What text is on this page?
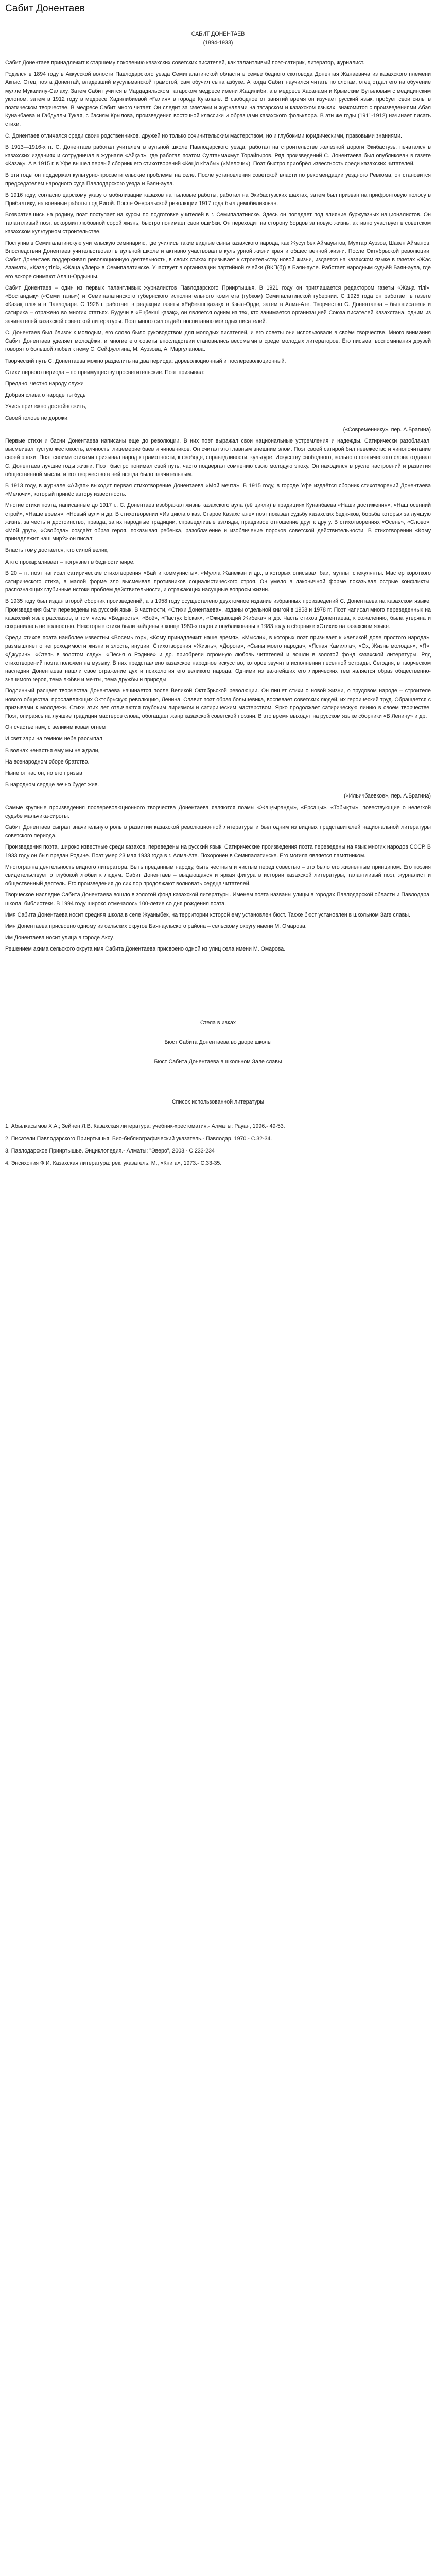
Сабит Донентаев
САБИТ ДОНЕНТАЕВ
(1894-1933)

Сабит Донентаев принадлежит к старшему поколению казахских советских писателей, как талантливый поэт-сатирик, литератор, журналист.

Родился в 1894 году в Аккусской волости Павлодарского уезда Семипалатинской области в семье бедного скотовода Донентая Жанаевича из казахского племени Акгыс. Отец поэта Донентай, владевший мусульманской грамотой, сам обучил сына азбуке. А когда Сабит научился читать по слогам, отец отдал его на обучение мулле Мукаиилу-Салаху. Затем Сабит учится в Мардадильском татарском медресе имени Жадилиби, а в медресе Хасанами и Крымским Бутыловым с медицинским уклоном, затем в 1912 году в медресе Хадилибиевой «Ғалия» в городе Кугалане. В свободное от занятий время он изучает русский язык, пробует свои силы в поэтическом творчестве. В медресе Сабит много читает. Он следит за газетами и журналами на татарском и казахском языках, знакомится с произведениями Абая Кунанбаева и Габдуллы Тукая, с басням Крылова, произведения восточной классики и образцами казахского фольклора. В эти же годы (1911-1912) начинает писать стихи.

С. Донентаев отличался среди своих родственников, дружей но только сочинительским мастерством, но и глубокими юридическими, правовыми знаниями.

В 1913—1916-х гг. С. Донентаев работал учителем в аульной школе Павлодарского уезда, работал на строительстве железной дороги Экибастузь, печатался в казахских изданиях и сотрудничал в журнале «Айқап», где работал поэтом Султанмахмут Торайгыров. Ряд произведений С. Донентаева был опубликован в газете «Қазақ». А в 1915 г. в Уфе вышел первый сборник его стихотворений «Көңіл кітабы» («Мелочи»). Поэт быстро приобрёл известность среди казахских читателей.

В эти годы он поддержал культурно-просветительские проблемы на селе. После установления советской власти по рекомендации уездного Ревкома, он становится председателем народного суда Павлодарского уезда и Баян-аула.

В 1916 году, согласно царскому указу о мобилизации казахов на тыловые работы, работал на Экибастузских шахтах, затем был призван на прифронтовую полосу в Прибалтику, на военные работы под Ригой. После Февральской революции 1917 года был демобилизован.

Возвратившись на родину, поэт поступает на курсы по подготовке учителей в г. Семипалатинске. Здесь он попадает под влияние буржуазных националистов. Он талантливый поэт, вскормил любовной сорой жизнь, быстро понимает свои ошибки. Он переходит на сторону борцов за новую жизнь, активно участвует в советском казахском культурном строительстве.

Поступив в Семипалатинскую учительскую семинарию, где учились такие видные сыны казахского народа, как Жусупбек Аймауытов, Мухтар Ауэзов, Шакен Айманов. Впоследствии Донентаев учительствовал в аульной школе и активно участвовал в культурной жизни края и общественной жизни. После Октябрьской революции, Сабит Донентаев поддерживал революционную деятельность, в своих стихах призывает к строительству новой жизни, издается на казахском языке в газетах «Жас Азамат», «Қазақ тілі», «Жаңа үйлер» в Семипалатинске. Участвует в организации партийной ячейки (ВКП(б)) в Баян-ауле. Работает народным судьёй Баян-аула, где его вскоре снимают Алаш-Ордынцы.

Сабит Донентаев – один из первых талантливых журналистов Павлодарского Прииртышья. В 1921 году он приглашается редактором газеты «Жаңа тілі», «Бостандық» («Семи таны») и Семипалатинского губернского исполнительного комитета (губком) Семипалатинской губернии. С 1925 года он работает в газете «Қазақ тілі» и в Павлодаре. С 1928 г. работает в редакции газеты «Еңбекші қазақ» в Кзыл-Орде, затем в Алма-Ате. Творчество С. Донентаева – бытописателя и сатирика – отражено во многих статьях. Будучи в «Еңбекші қазақ», он является одним из тех, кто занимается организацией Союза писателей Казахстана, одним из зачинателей казахской советской литературы. Поэт много сил отдаёт воспитанию молодых писателей.

С. Донентаев был близок к молодым, его слово было руководством для молодых писателей, и его советы они использовали в своём творчестве. Много внимания Сабит Донентаев уделяет молодёжи, и многие его советы впоследствии становились весомыми в среде молодых литераторов. Его письма, воспоминания друзей говорят о большой любви к нему С. Сейфуллина, М. Ауэзова, А. Маргуланова.

Творческий путь С. Донентаева можно разделить на два периода: дореволюционный и послереволюционный.

Стихи первого периода – по преимуществу просветительские. Поэт призывал:

Предано, честно народу служи

Добрая слава о народе ты будь

Учись прилежно достойно жить,

Своей голове не дорожи!

(«Современнику», пер. А.Брагина)

Первые стихи и басни Донентаева написаны ещё до революции. В них поэт выражал свои национальные устремления и надежды. Сатирически разоблачал, высмеивал пустую жестокость, алчность, лицемерие баев и чиновников. Он считал это главным внешним злом. Поэт своей сатирой бил невежество и чинопочитание своей эпохи. Поэт своими стихами призывал народ к грамотности, к свободе, справедливости, культуре. Искусству свободного, вольного поэтического слова отдавал С. Донентаев лучшие годы жизни. Поэт быстро понимал свой путь, часто подвергал сомнению свою молодую эпоху. Он находился в русле настроений и развития общественной мысли, и его творчество в ней всегда было значительным.

В 1913 году, в журнале «Айқап» выходит первая стихотворение Донентаева «Мой мечта». В 1915 году, в городе Уфе издаётся сборник стихотворений Донентаева «Мелочи», который принёс автору известность.

Многие стихи поэта, написанные до 1917 г., С. Донентаев изображал жизнь казахского аула (её цикли) в традициях Кунанбаева «Наши достижения», «Наш осенний строй», «Наше время», «Новый аул» и др. В стихотворении «Из цикла о каз. Старое Казахстане» поэт показал судьбу казахских бедняков, борьба которых за лучшую жизнь, за честь и достоинство, правда, за их народные традиции, справедливые взгляды, правдивое отношение друг к другу. В стихотворениях «Осень», «Слово», «Мой друг», «Свобода» создаёт образ героя, показывая ребенка, разоблачение и изобличение пороков советской действительности. В стихотворении «Кому принадлежит наш мир?» он писал:

Власть тому достается, кто силой велик,

А кто прокармливает – погрязнет в бедности мире.

В 20 – гг. поэт написал сатирические стихотворения «Бай и коммунисты», «Мулла Жанежан и др., в которых описывал баи, муллы, спекулянты. Мастер короткого сатирического стиха, в малой форме зло высмеивал противников социалистического строя. Он умело в лаконичной форме показывал острые конфликты, распознающих глубинные истоки проблем действительности, и отражающих насущные вопросы жизни.

В 1935 году был издан второй сборник произведений, а в 1958 году осуществлено двухтомное издание избранных произведений С. Донентаева на казахском языке. Произведения были переведены на русский язык. В частности, «Стихи Донентаева», изданы отдельной книгой в 1958 и 1978 гг. Поэт написал много переведенных на казахский язык рассказов, в том числе «Бедность», «Всё», «Пастух Ыскак», «Ожидающий Жибека» и др. Часть стихов Донентаева, к сожалению, была утеряна и сохранилась не полностью. Некоторые стихи были найдены в конце 1980-х годов и опубликованы в 1983 году в сборнике «Стихи» на казахском языке.

Среди стихов поэта наиболее известны «Восемь гор», «Кому принадлежит наше время», «Мысли», в которых поэт призывает к «великой доле простого народа», размышляет о непроходимости жизни и злость, инуции. Стихотворения «Жизнь», «Дорога», «Сыны моего народа», «Ясная Камилла», «Ох, Жизнь молодая», «Я», «Джурин», «Степь в золотом саду», «Песня о Родине» и др. приобрели огромную любовь читателей и вошли в золотой фонд казахской литературы. Ряд стихотворений поэта положен на музыку. В них представлено казахское народное искусство, которое звучит в исполнении песенной эстрады. Сегодня, в творческом наследии Донентаева нашли своё отражение дух и психология его великого народа. Одними из важнейших его лирических тем является образ общественно-значимого героя, тема любви и мечты, тема дружбы и природы.

Подлинный расцвет творчества Донентаева начинается после Великой Октябрьской революции. Он пишет стихи о новой жизни, о трудовом народе – строителе нового общества, прославляющих Октябрьскую революцию, Ленина. Славит поэт образ большевика, воспевает советских людей, их героический труд. Обращается с призывами к молодежи. Стихи этих лет отличаются глубоким лиризмом и сатирическим мастерством. Ярко продолжает сатирическую линию в своем творчестве. Поэт, опираясь на лучшие традиции мастеров слова, обогащает жанр казахской советской поэзии. В это время выходят на русском языке сборники «В Ленину» и др.

Он счастье нам, с великим ковал огнем

И свет зари на темном небе рассыпал,

В волнах ненастья ему мы не ждали,

На всенародном сборе братство.

Ныне от нас он, но его призыв

В народном сердце вечно будет жив.

(«Ильичбаевкое», пер. А.Брагина)

Самые крупные произведения послереволюционного творчества Донентаева являются поэмы «Жаңғыранды», «Ерсаңы», «Тобықты», повествующие о нелегкой судьбе мальчика-сироты.

Сабит Донентаев сыграл значительную роль в развитии казахской революционной литературы и был одним из видных представителей национальной литературы советского периода.

Произведения поэта, широко известные среди казахов, переведены на русский язык. Сатирические произведения поэта переведены на язык многих народов СССР. В 1933 году он был предан Родине. Поэт умер 23 мая 1933 года в г. Алма-Ате. Похоронен в Семипалатинске. Его могила является памятником.

Многогранна деятельность видного литератора. Быть преданным народу, быть честным и чистым перед совестью – это было его жизненным принципом. Его поэзия свидетельствует о глубокой любви к людям. Сабит Донентаев – выдающаяся и яркая фигура в истории казахской литературы, талантливый поэт, журналист и общественный деятель. Его произведения до сих пор продолжают волновать сердца читателей.

Творческое наследие Сабита Донентаева вошло в золотой фонд казахской литературы. Именем поэта названы улицы в городах Павлодарской области и Павлодара, школа, библиотеки. В 1994 году широко отмечалось 100-летие со дня рождения поэта.

Имя Сабита Донентаева носит средняя школа в селе Жуаныбек, на территории которой ему установлен бюст. Также бюст установлен в школьном Заге славы.

Имя Донентаева присвоено одному из сельских округов Баянаульского района – сельскому округу имени М. Омарова.

Им Донентаева носит улица в городе Аксу.

Решением акима сельского округа имя Сабита Донентаева присвоено одной из улиц села имени М. Омарова.

Стела в ивках

Бюст Сабита Донентаева во дворе школы

Бюст Сабита Донентаева в школьном Зале славы

Список использованной литературы

1. Абылкасымов Х.А.; Зейнен Л.В. Казахская литература: учебник-хрестоматия.- Алматы: Рауан, 1996.- 49-53.

2. Писатели Павлодарского Прииртышья: Био-библиографический указатель.- Павлодар, 1970.- С.32-34.

3. Павлодарское Прииртышье. Энциклопедия.- Алматы: "Эверо", 2003.- С.233-234

4. Энсихония Ф.И. Казахская литература: рек. указатель. М., «Книга», 1973.- С.33-35.
